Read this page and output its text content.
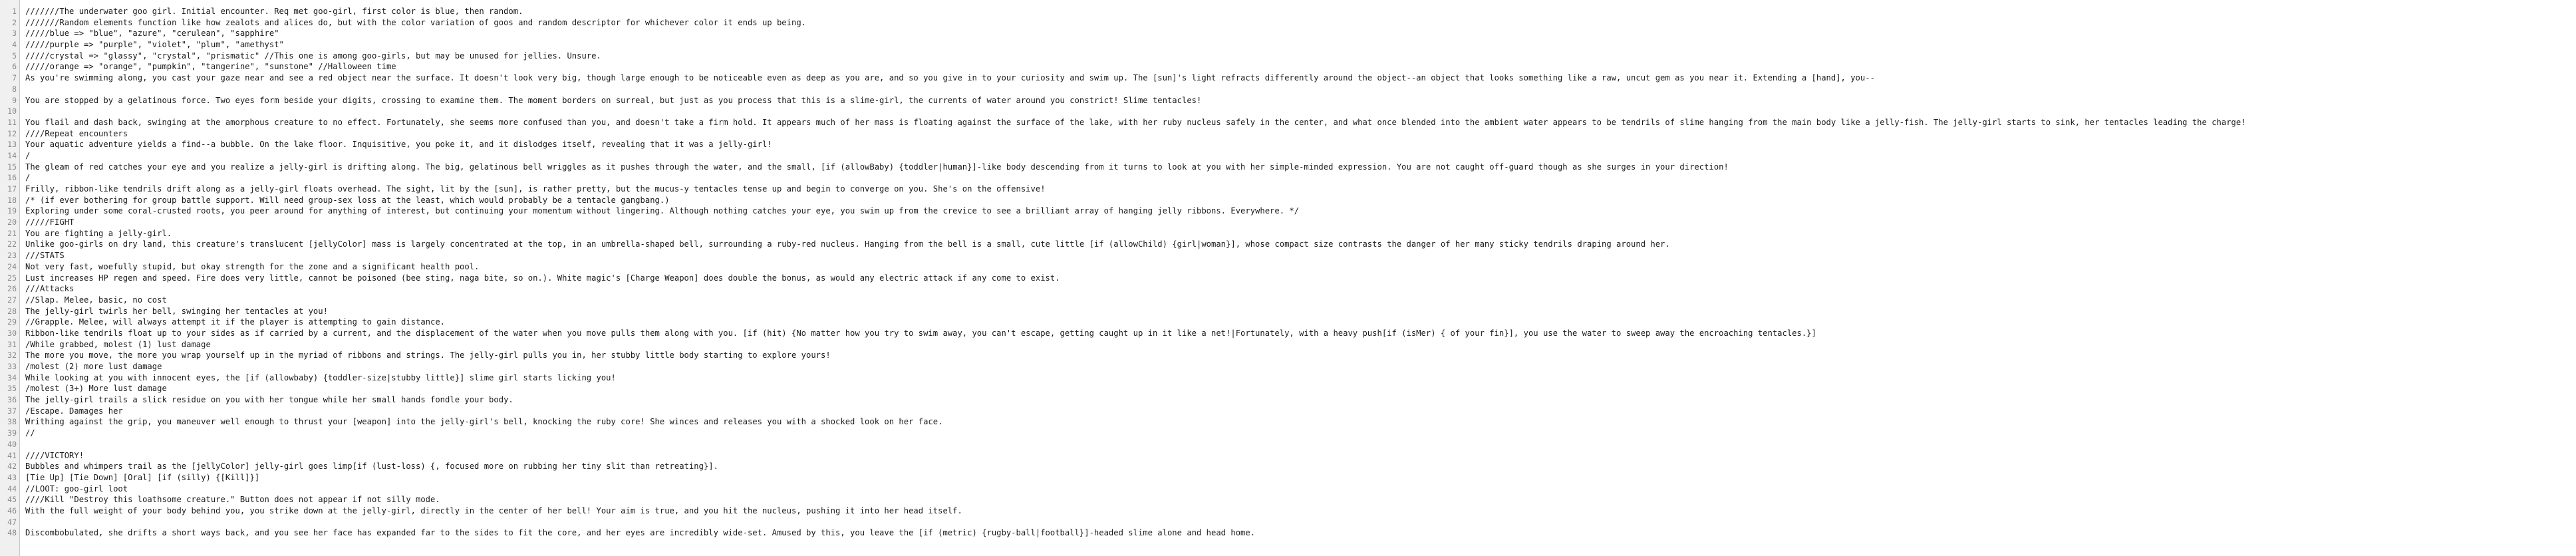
1
2
3
4
5
6
7
8
9
10
11
12
13
14
15
16
17
18
19
20
21
22
23
24
25
26
27
28
29
30
31
32
33
34
35
36
37
38
39
40
41
42
43
44
45
46
47
48
///////The underwater goo girl. Initial encounter. Req met goo-girl, first color is blue, then random.
///////Random elements function like how zealots and alices do, but with the color variation of goos and random descriptor for whichever color it ends up being.
/////blue => "blue", "azure", "cerulean", "sapphire"
/////purple => "purple", "violet", "plum", "amethyst"
/////crystal => "glassy", "crystal", "prismatic" //This one is among goo-girls, but may be unused for jellies. Unsure.
/////orange => "orange", "pumpkin", "tangerine", "sunstone" //Halloween time
As you're swimming along, you cast your gaze near and see a red object near the surface. It doesn't look very big, though large enough to be noticeable even as deep as you are, and so you give in to your curiosity and swim up. The [sun]'s light refracts differently around the object--an object that looks something like a raw, uncut gem as you near it. Extending a [hand], you--
You are stopped by a gelatinous force. Two eyes form beside your digits, crossing to examine them. The moment borders on surreal, but just as you process that this is a slime-girl, the currents of water around you constrict! Slime tentacles!
You flail and dash back, swinging at the amorphous creature to no effect. Fortunately, she seems more confused than you, and doesn't take a firm hold. It appears much of her mass is floating against the surface of the lake, with her ruby nucleus safely in the center, and what once blended into the ambient water appears to be tendrils of slime hanging from the main body like a jelly-fish. The jelly-girl starts to sink, her tentacles leading the charge!
////Repeat encounters
Your aquatic adventure yields a find--a bubble. On the lake floor. Inquisitive, you poke it, and it dislodges itself, revealing that it was a jelly-girl!
/
The gleam of red catches your eye and you realize a jelly-girl is drifting along. The big, gelatinous bell wriggles as it pushes through the water, and the small, [if (allowBaby) {toddler|human}]-like body descending from it turns to look at you with her simple-minded expression. You are not caught off-guard though as she surges in your direction!
/
Frilly, ribbon-like tendrils drift along as a jelly-girl floats overhead. The sight, lit by the [sun], is rather pretty, but the mucus-y tentacles tense up and begin to converge on you. She's on the offensive!
/* (if ever bothering for group battle support. Will need group-sex loss at the least, which would probably be a tentacle gangbang.)
Exploring under some coral-crusted roots, you peer around for anything of interest, but continuing your momentum without lingering. Although nothing catches your eye, you swim up from the crevice to see a brilliant array of hanging jelly ribbons. Everywhere. */
/////FIGHT
You are fighting a jelly-girl.
Unlike goo-girls on dry land, this creature's translucent [jellyColor] mass is largely concentrated at the top, in an umbrella-shaped bell, surrounding a ruby-red nucleus. Hanging from the bell is a small, cute little [if (allowChild) {girl|woman}], whose compact size contrasts the danger of her many sticky tendrils draping around her.
///STATS
Not very fast, woefully stupid, but okay strength for the zone and a significant health pool.
Lust increases HP regen and speed. Fire does very little, cannot be poisoned (bee sting, naga bite, so on.). White magic's [Charge Weapon] does double the bonus, as would any electric attack if any come to exist.
///Attacks
//Slap. Melee, basic, no cost
The jelly-girl twirls her bell, swinging her tentacles at you!
//Grapple. Melee, will always attempt it if the player is attempting to gain distance.
Ribbon-like tendrils float up to your sides as if carried by a current, and the displacement of the water when you move pulls them along with you. [if (hit) {No matter how you try to swim away, you can't escape, getting caught up in it like a net!|Fortunately, with a heavy push[if (isMer) { of your fin}], you use the water to sweep away the encroaching tentacles.}]
/While grabbed, molest (1) lust damage
The more you move, the more you wrap yourself up in the myriad of ribbons and strings. The jelly-girl pulls you in, her stubby little body starting to explore yours!
/molest (2) more lust damage
While looking at you with innocent eyes, the [if (allowbaby) {toddler-size|stubby little}] slime girl starts licking you!
/molest (3+) More lust damage
The jelly-girl trails a slick residue on you with her tongue while her small hands fondle your body.
/Escape. Damages her
Writhing against the grip, you maneuver well enough to thrust your [weapon] into the jelly-girl's bell, knocking the ruby core! She winces and releases you with a shocked look on her face.
//
////VICTORY!
Bubbles and whimpers trail as the [jellyColor] jelly-girl goes limp[if (lust-loss) {, focused more on rubbing her tiny slit than retreating}].
[Tie Up] [Tie Down] [Oral] [if (silly) {[Kill]}]
//LOOT: goo-girl loot
////Kill "Destroy this loathsome creature." Button does not appear if not silly mode.
With the full weight of your body behind you, you strike down at the jelly-girl, directly in the center of her bell! Your aim is true, and you hit the nucleus, pushing it into her head itself.
Discombobulated, she drifts a short ways back, and you see her face has expanded far to the sides to fit the core, and her eyes are incredibly wide-set. Amused by this, you leave the [if (metric) {rugby-ball|football}]-headed slime alone and head home.
